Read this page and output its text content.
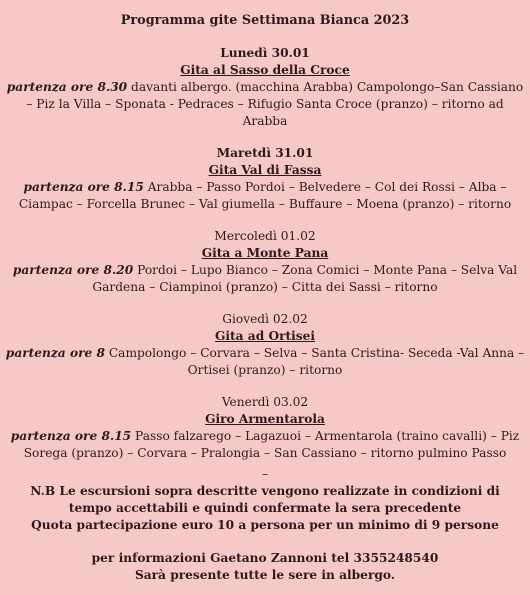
Programma gite Settimana Bianca 2023
Lunedì 30.01
Gita al Sasso della Croce
partenza ore 8.30 davanti albergo. (macchina Arabba) Campolongo–San Cassiano – Piz la Villa – Sponata - Pedraces – Rifugio Santa Croce (pranzo) – ritorno ad Arabba
Maretdì 31.01
Gita Val di Fassa
partenza ore 8.15 Arabba – Passo Pordoi – Belvedere – Col dei Rossi – Alba – Ciampac – Forcella Brunec – Val giumella – Buffaure – Moena (pranzo) – ritorno
Mercoledì 01.02
Gita a Monte Pana
partenza ore 8.20 Pordoi – Lupo Bianco – Zona Comici – Monte Pana – Selva Val Gardena – Ciampinoi (pranzo) – Citta dei Sassi – ritorno
Giovedì 02.02
Gita ad Ortisei
partenza ore 8 Campolongo – Corvara – Selva – Santa Cristina- Seceda -Val Anna – Ortisei (pranzo) – ritorno
Venerdì 03.02
Giro Armentarola
partenza ore 8.15 Passo falzarego – Lagazuoi – Armentarola (traino cavalli) – Piz Sorega (pranzo) – Corvara – Pralongia – San Cassiano – ritorno pulmino Passo
–
N.B Le escursioni sopra descritte vengono realizzate in condizioni di
tempo accettabili e quindi confermate la sera precedente
Quota partecipazione euro 10 a persona per un minimo di 9 persone
per informazioni Gaetano Zannoni tel 3355248540
Sarà presente tutte le sere in albergo.
